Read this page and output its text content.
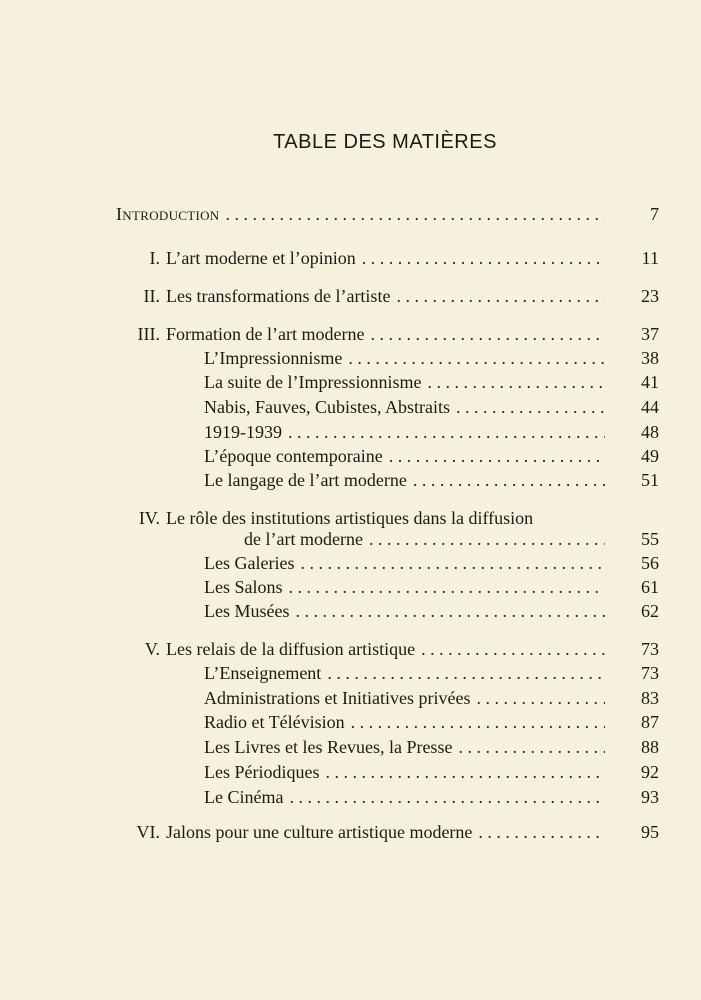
TABLE DES MATIÈRES
Introduction . . .	7
I. L’art moderne et l’opinion . . .	11
II. Les transformations de l’artiste . . .	23
III. Formation de l’art moderne . . .	37
L’Impressionnisme . . .	38
La suite de l’Impressionnisme . . .	41
Nabis, Fauves, Cubistes, Abstraits . . .	44
1919-1939 . . .	48
L’époque contemporaine . . .	49
Le langage de l’art moderne . . .	51
IV. Le rôle des institutions artistiques dans la diffusion
de l’art moderne . . .	55
Les Galeries . . .	56
Les Salons . . .	61
Les Musées . . .	62
V. Les relais de la diffusion artistique . . .	73
L’Enseignement . . .	73
Administrations et Initiatives privées . . .	83
Radio et Télévision . . .	87
Les Livres et les Revues, la Presse . . .	88
Les Périodiques . . .	92
Le Cinéma . . .	93
VI. Jalons pour une culture artistique moderne . . .	95
